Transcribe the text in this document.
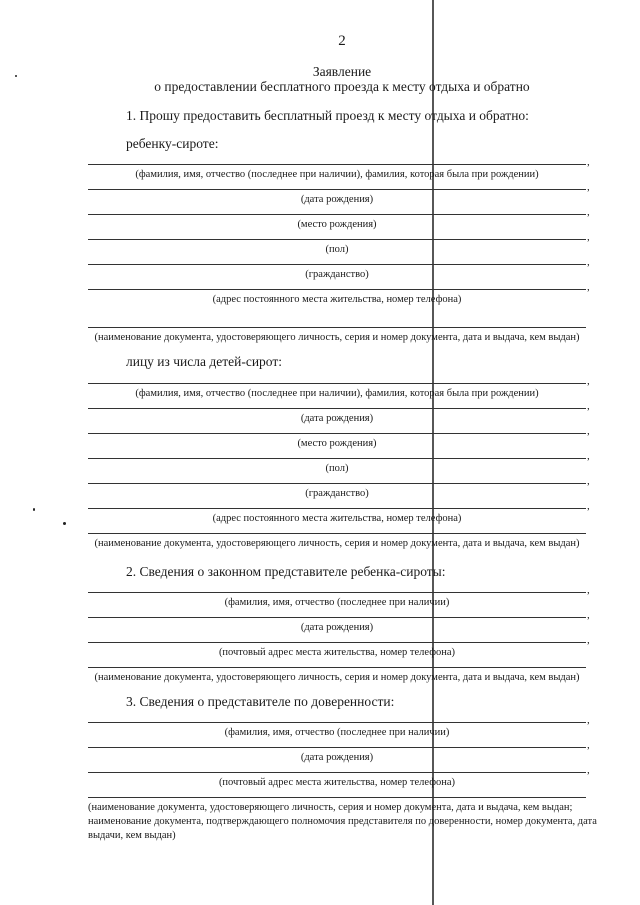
2
Заявление
о предоставлении бесплатного проезда к месту отдыха и обратно
1. Прошу предоставить бесплатный проезд к месту отдыха и обратно:
ребенку-сироте:
,
(фамилия, имя, отчество (последнее при наличии), фамилия, которая была при рождении)
,
(дата рождения)
,
(место рождения)
,
(пол)
,
(гражданство)
,
(адрес постоянного места жительства, номер телефона)
(наименование документа, удостоверяющего личность, серия и номер документа, дата и выдача, кем выдан)
лицу из числа детей-сирот:
,
(фамилия, имя, отчество (последнее при наличии), фамилия, которая была при рождении)
,
(дата рождения)
,
(место рождения)
,
(пол)
,
(гражданство)
,
(адрес постоянного места жительства, номер телефона)
(наименование документа, удостоверяющего личность, серия и номер документа, дата и выдача, кем выдан)
2. Сведения о законном представителе ребенка-сироты:
,
(фамилия, имя, отчество (последнее при наличии)
,
(дата рождения)
,
(почтовый адрес места жительства, номер телефона)
(наименование документа, удостоверяющего личность, серия и номер документа, дата и выдача, кем выдан)
3. Сведения о представителе по доверенности:
,
(фамилия, имя, отчество (последнее при наличии)
,
(дата рождения)
,
(почтовый адрес места жительства, номер телефона)
(наименование документа, удостоверяющего личность, серия и номер документа, дата и выдача, кем выдан; наименование документа, подтверждающего полномочия представителя по доверенности, номер документа, дата выдачи, кем выдан)
